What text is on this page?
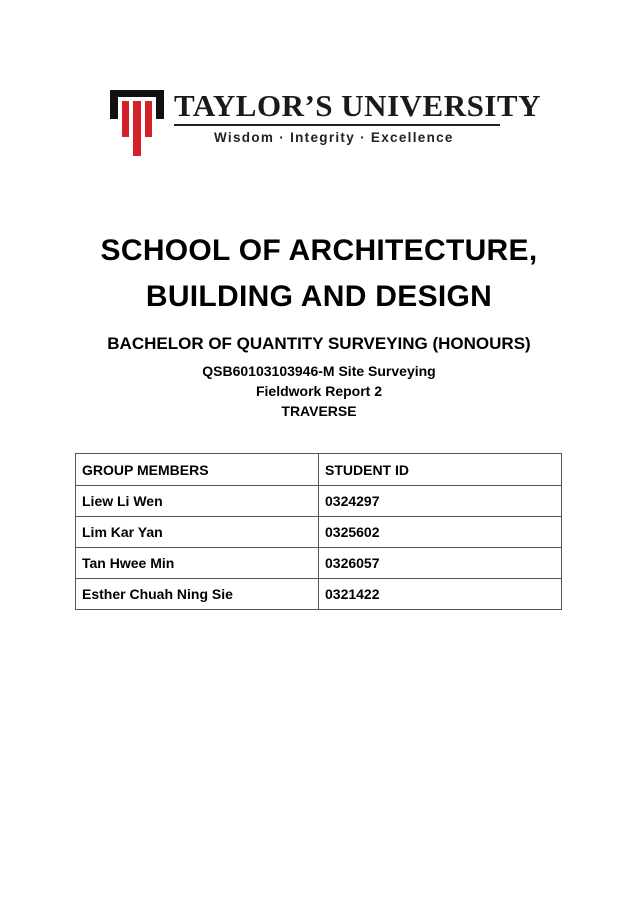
TAYLOR’S UNIVERSITY
Wisdom · Integrity · Excellence
SCHOOL OF ARCHITECTURE,
BUILDING AND DESIGN
BACHELOR OF QUANTITY SURVEYING (HONOURS)
QSB60103103946-M Site Surveying
Fieldwork Report 2
TRAVERSE
GROUP MEMBERS	STUDENT ID
Liew Li Wen	0324297
Lim Kar Yan	0325602
Tan Hwee Min	0326057
Esther Chuah Ning Sie	0321422
